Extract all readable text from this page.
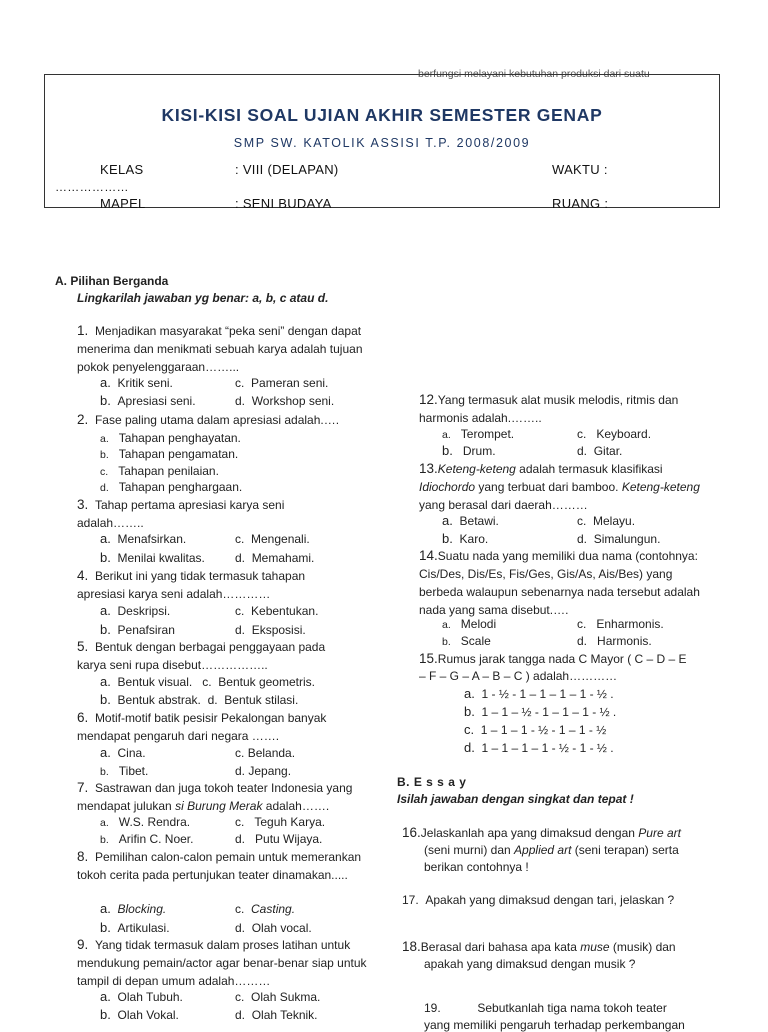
berfungsi melayani kebutuhan produksi dari suatu
KISI-KISI SOAL UJIAN AKHIR SEMESTER GENAP
SMP SW. KATOLIK ASSISI T.P. 2008/2009
KELAS	: VIII (DELAPAN)	WAKTU :
………………
MAPEL	: SENI BUDAYA	RUANG :
A. Pilihan Berganda
Lingkarilah jawaban yg benar: a, b, c atau d.
1. Menjadikan masyarakat “peka seni” dengan dapat menerima dan menikmati sebuah karya adalah tujuan pokok penyelenggaraan……...
a. Kritik seni.	c. Pameran seni.
b. Apresiasi seni.	d. Workshop seni.
2. Fase paling utama dalam apresiasi adalah.….
a. Tahapan penghayatan.
b. Tahapan pengamatan.
c. Tahapan penilaian.
d. Tahapan penghargaan.
3. Tahap pertama apresiasi karya seni adalah……..
a. Menafsirkan.	c. Mengenali.
b. Menilai kwalitas.	d. Memahami.
4. Berikut ini yang tidak termasuk tahapan apresiasi karya seni adalah…………
a. Deskripsi.	c. Kebentukan.
b. Penafsiran	d. Eksposisi.
5. Bentuk dengan berbagai penggayaan pada karya seni rupa disebut……………..
a. Bentuk visual. c. Bentuk geometris.
b. Bentuk abstrak. d. Bentuk stilasi.
6. Motif-motif batik pesisir Pekalongan banyak mendapat pengaruh dari negara …….
a. Cina.	c. Belanda.
b. Tibet.	d. Jepang.
7. Sastrawan dan juga tokoh teater Indonesia yang mendapat julukan si Burung Merak adalah…….
a. W.S. Rendra.	c. Teguh Karya.
b. Arifin C. Noer.	d. Putu Wijaya.
8. Pemilihan calon-calon pemain untuk memerankan tokoh cerita pada pertunjukan teater dinamakan.....
a. Blocking.	c. Casting.
b. Artikulasi.	d. Olah vocal.
9. Yang tidak termasuk dalam proses latihan untuk mendukung pemain/actor agar benar-benar siap untuk tampil di depan umum adalah………
a. Olah Tubuh.	c. Olah Sukma.
b. Olah Vokal.	d. Olah Teknik.
12.Yang termasuk alat musik melodis, ritmis dan harmonis adalah.……..
a. Terompet.	c. Keyboard.
b. Drum.	d. Gitar.
13.Keteng-keteng adalah termasuk klasifikasi Idiochordo yang terbuat dari bamboo. Keteng-keteng yang berasal dari daerah………
a. Betawi.	c. Melayu.
b. Karo.	d. Simalungun.
14.Suatu nada yang memiliki dua nama (contohnya: Cis/Des, Dis/Es, Fis/Ges, Gis/As, Ais/Bes) yang berbeda walaupun sebenarnya nada tersebut adalah nada yang sama disebut.….
a. Melodi	c. Enharmonis.
b. Scale	d. Harmonis.
15.Rumus jarak tangga nada C Mayor ( C – D – E
– F – G – A – B – C ) adalah…………
a. 1 - ½ - 1 – 1 – 1 – 1 - ½ .
b. 1 – 1 – ½ - 1 – 1 – 1 - ½ .
c. 1 – 1 – 1 - ½ - 1 – 1 - ½
d. 1 – 1 – 1 – 1 - ½ - 1 - ½ .
B. E s s a y
Isilah jawaban dengan singkat dan tepat !
16.Jelaskanlah apa yang dimaksud dengan Pure art
(seni murni) dan Applied art (seni terapan) serta
berikan contohnya !
17. Apakah yang dimaksud dengan tari, jelaskan ?
18.Berasal dari bahasa apa kata muse (musik) dan
apakah yang dimaksud dengan musik ?
19.	Sebutkanlah tiga nama tokoh teater
yang memiliki pengaruh terhadap perkembangan
